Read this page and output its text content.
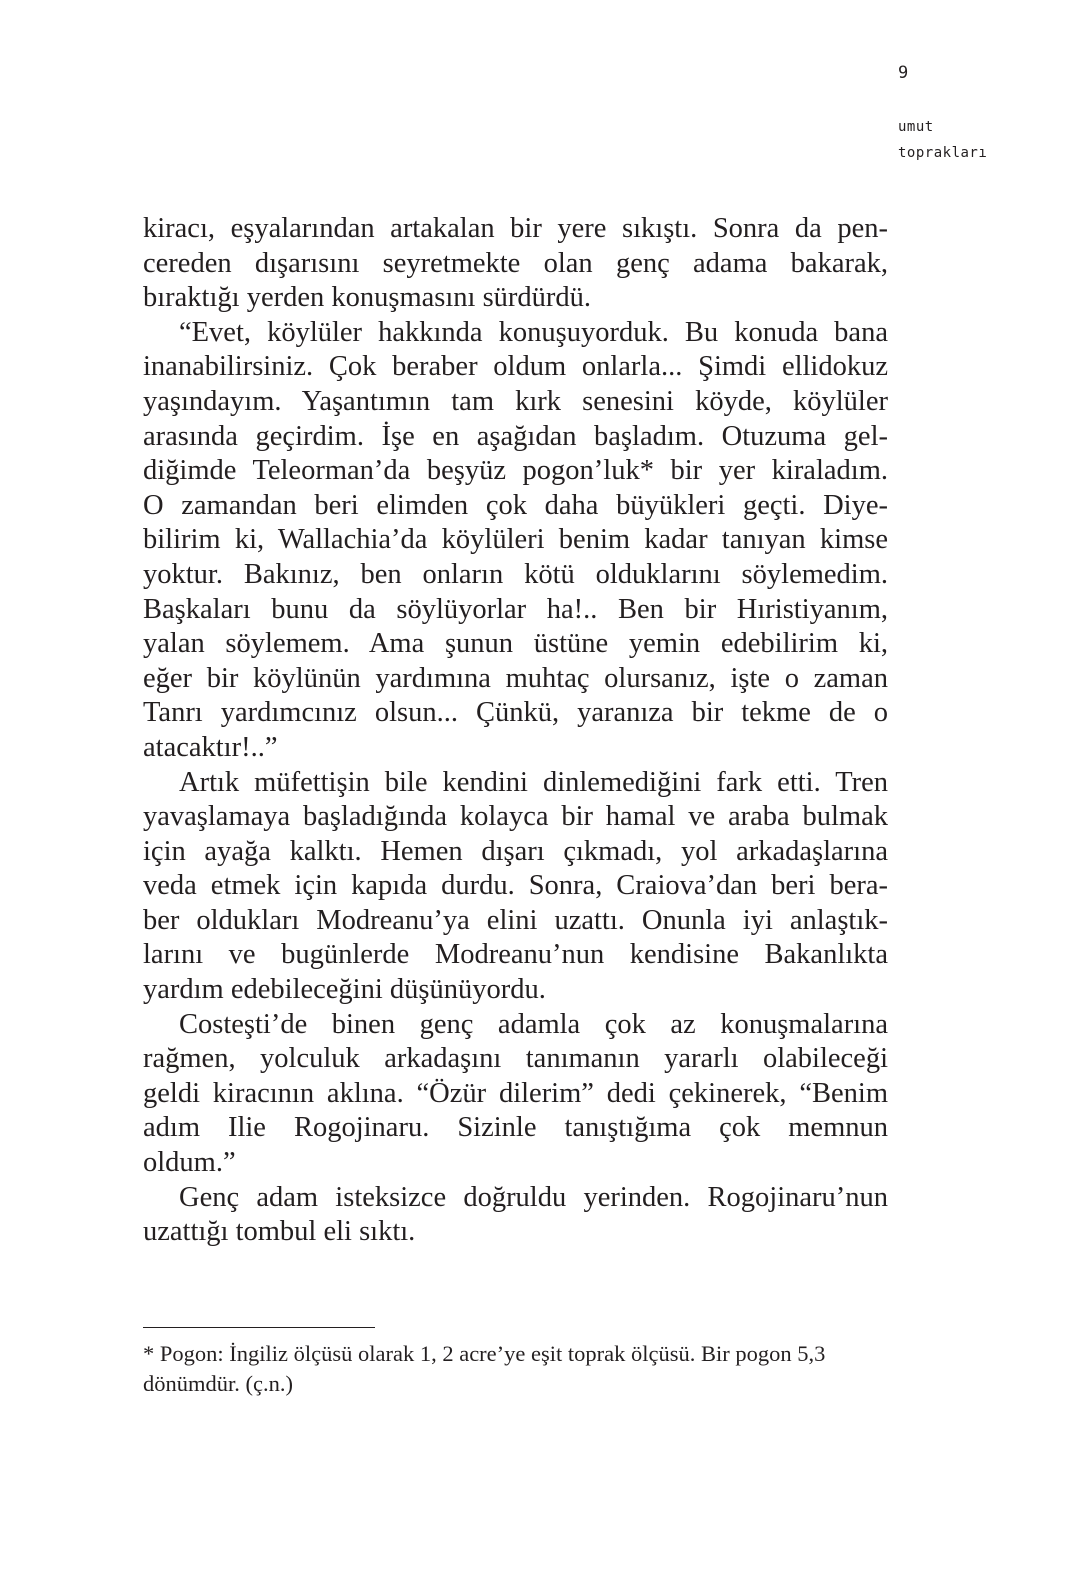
9
umut
toprakları
kiracı, eşyalarından artakalan bir yere sıkıştı. Sonra da pen-
cereden dışarısını seyretmekte olan genç adama bakarak,
bıraktığı yerden konuşmasını sürdürdü.
“Evet, köylüler hakkında konuşuyorduk. Bu konuda bana
inanabilirsiniz. Çok beraber oldum onlarla... Şimdi ellidokuz
yaşındayım. Yaşantımın tam kırk senesini köyde, köylüler
arasında geçirdim. İşe en aşağıdan başladım. Otuzuma gel-
diğimde Teleorman’da beşyüz pogon’luk* bir yer kiraladım.
O zamandan beri elimden çok daha büyükleri geçti. Diye-
bilirim ki, Wallachia’da köylüleri benim kadar tanıyan kimse
yoktur. Bakınız, ben onların kötü olduklarını söylemedim.
Başkaları bunu da söylüyorlar ha!.. Ben bir Hıristiyanım,
yalan söylemem. Ama şunun üstüne yemin edebilirim ki,
eğer bir köylünün yardımına muhtaç olursanız, işte o zaman
Tanrı yardımcınız olsun... Çünkü, yaranıza bir tekme de o
atacaktır!..”
Artık müfettişin bile kendini dinlemediğini fark etti. Tren
yavaşlamaya başladığında kolayca bir hamal ve araba bulmak
için ayağa kalktı. Hemen dışarı çıkmadı, yol arkadaşlarına
veda etmek için kapıda durdu. Sonra, Craiova’dan beri bera-
ber oldukları Modreanu’ya elini uzattı. Onunla iyi anlaştık-
larını ve bugünlerde Modreanu’nun kendisine Bakanlıkta
yardım edebileceğini düşünüyordu.
Costeşti’de binen genç adamla çok az konuşmalarına
rağmen, yolculuk arkadaşını tanımanın yararlı olabileceği
geldi kiracının aklına. “Özür dilerim” dedi çekinerek, “Benim
adım Ilie Rogojinaru. Sizinle tanıştığıma çok memnun
oldum.”
Genç adam isteksizce doğruldu yerinden. Rogojinaru’nun
uzattığı tombul eli sıktı.
* Pogon: İngiliz ölçüsü olarak 1, 2 acre’ye eşit toprak ölçüsü. Bir pogon 5,3
dönümdür. (ç.n.)
